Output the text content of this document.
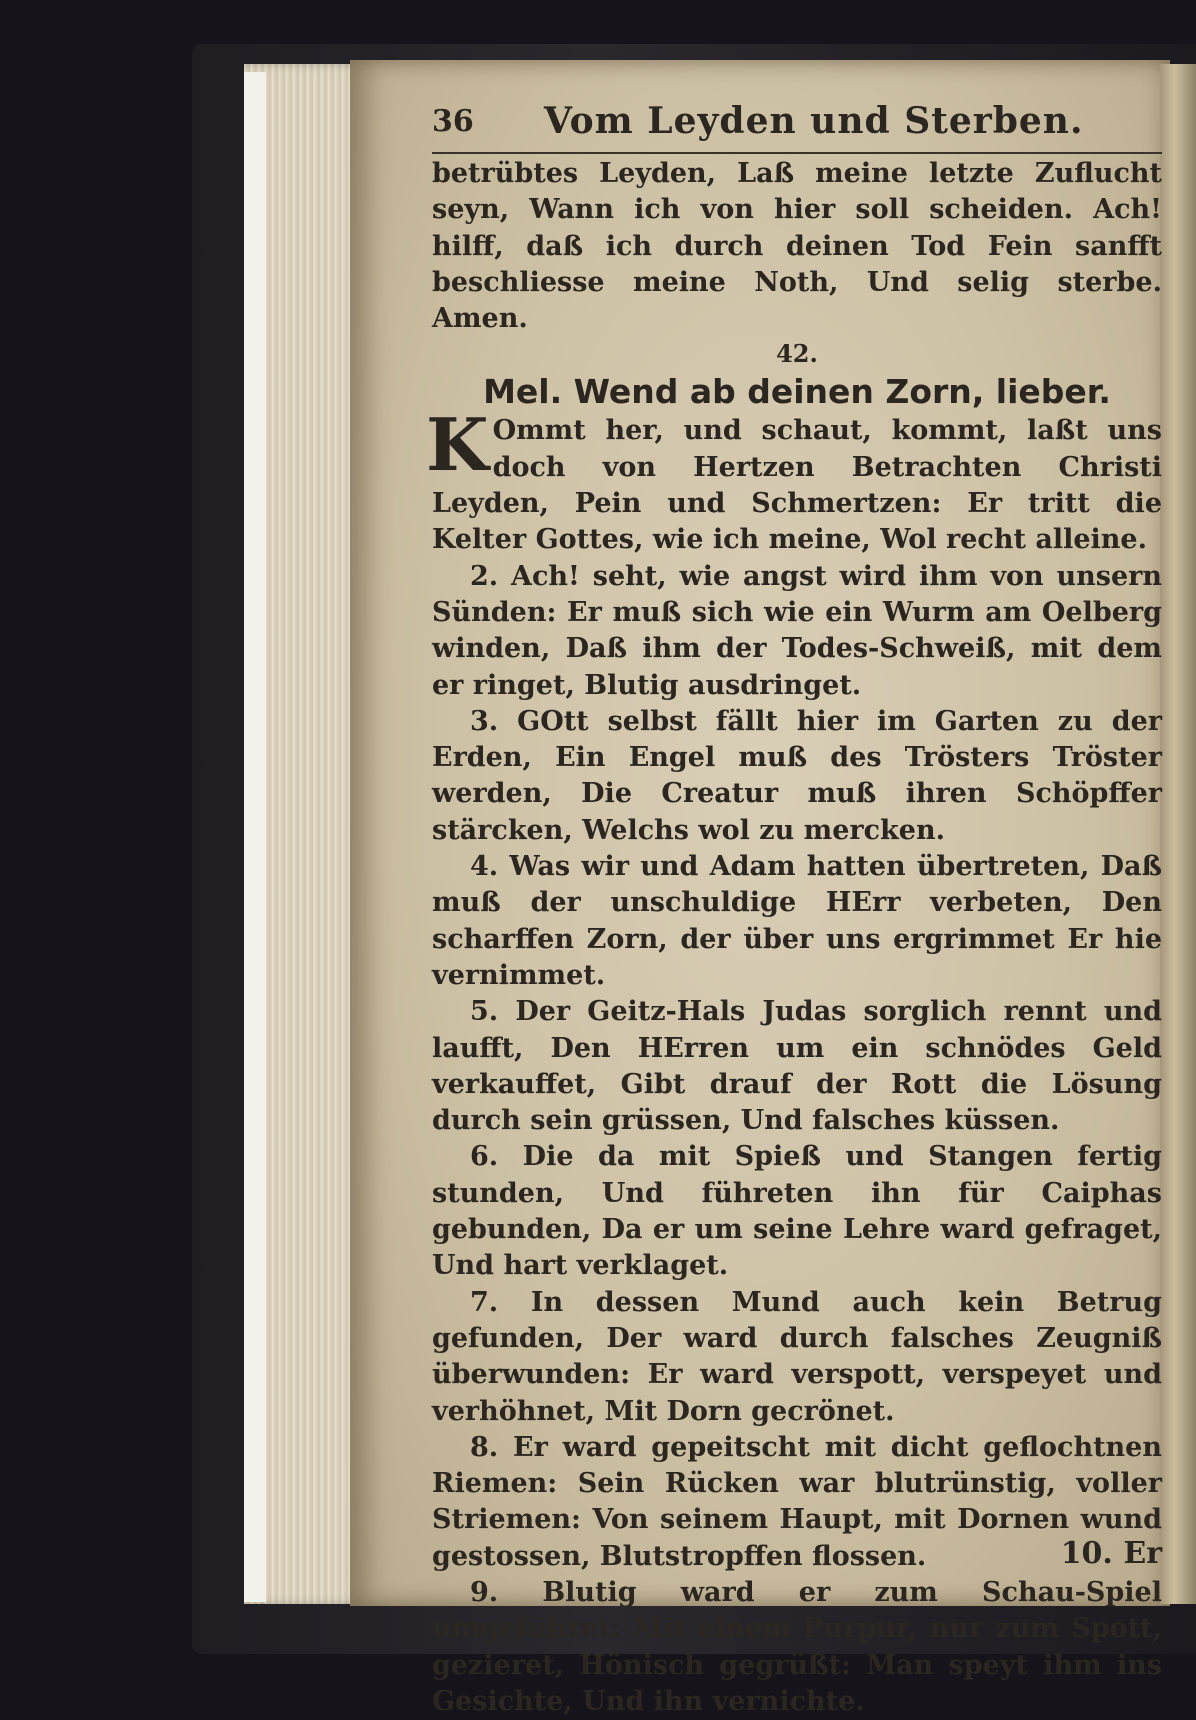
36 Vom Leyden und Sterben.

betrübtes Leyden, Laß meine letzte Zuflucht seyn, Wann ich von hier soll scheiden. Ach! hilff, daß ich durch deinen Tod Fein sanfft beschliesse meine Noth, Und selig sterbe. Amen.

42.
Mel. Wend ab deinen Zorn, lieber.

K Ommt her, und schaut, kommt, laßt uns doch von Hertzen Betrachten Christi Leyden, Pein und Schmertzen: Er tritt die Kelter Gottes, wie ich meine, Wol recht alleine.

2. Ach! seht, wie angst wird ihm von unsern Sünden: Er muß sich wie ein Wurm am Oelberg winden, Daß ihm der Todes-Schweiß, mit dem er ringet, Blutig ausdringet.

3. GOtt selbst fällt hier im Garten zu der Erden, Ein Engel muß des Trösters Tröster werden, Die Creatur muß ihren Schöpffer stärcken, Welchs wol zu mercken.

4. Was wir und Adam hatten übertreten, Daß muß der unschuldige HErr verbeten, Den scharffen Zorn, der über uns ergrimmet Er hie vernimmet.

5. Der Geitz-Hals Judas sorglich rennt und laufft, Den HErren um ein schnödes Geld verkauffet, Gibt drauf der Rott die Lösung durch sein grüssen, Und falsches küssen.

6. Die da mit Spieß und Stangen fertig stunden, Und führeten ihn für Caiphas gebunden, Da er um seine Lehre ward gefraget, Und hart verklaget.

7. In dessen Mund auch kein Betrug gefunden, Der ward durch falsches Zeugniß überwunden: Er ward verspott, verspeyet und verhöhnet, Mit Dorn gecrönet.

8. Er ward gepeitscht mit dicht geflochtnen Riemen: Sein Rücken war blutrünstig, voller Striemen: Von seinem Haupt, mit Dornen wund gestossen, Blutstropffen flossen.

9. Blutig ward er zum Schau-Spiel umgeführet: Mit einem Purpur, nur zum Spott, gezieret, Hönisch gegrüßt: Man speyt ihm ins Gesichte, Und ihn vernichte.

10. Er
